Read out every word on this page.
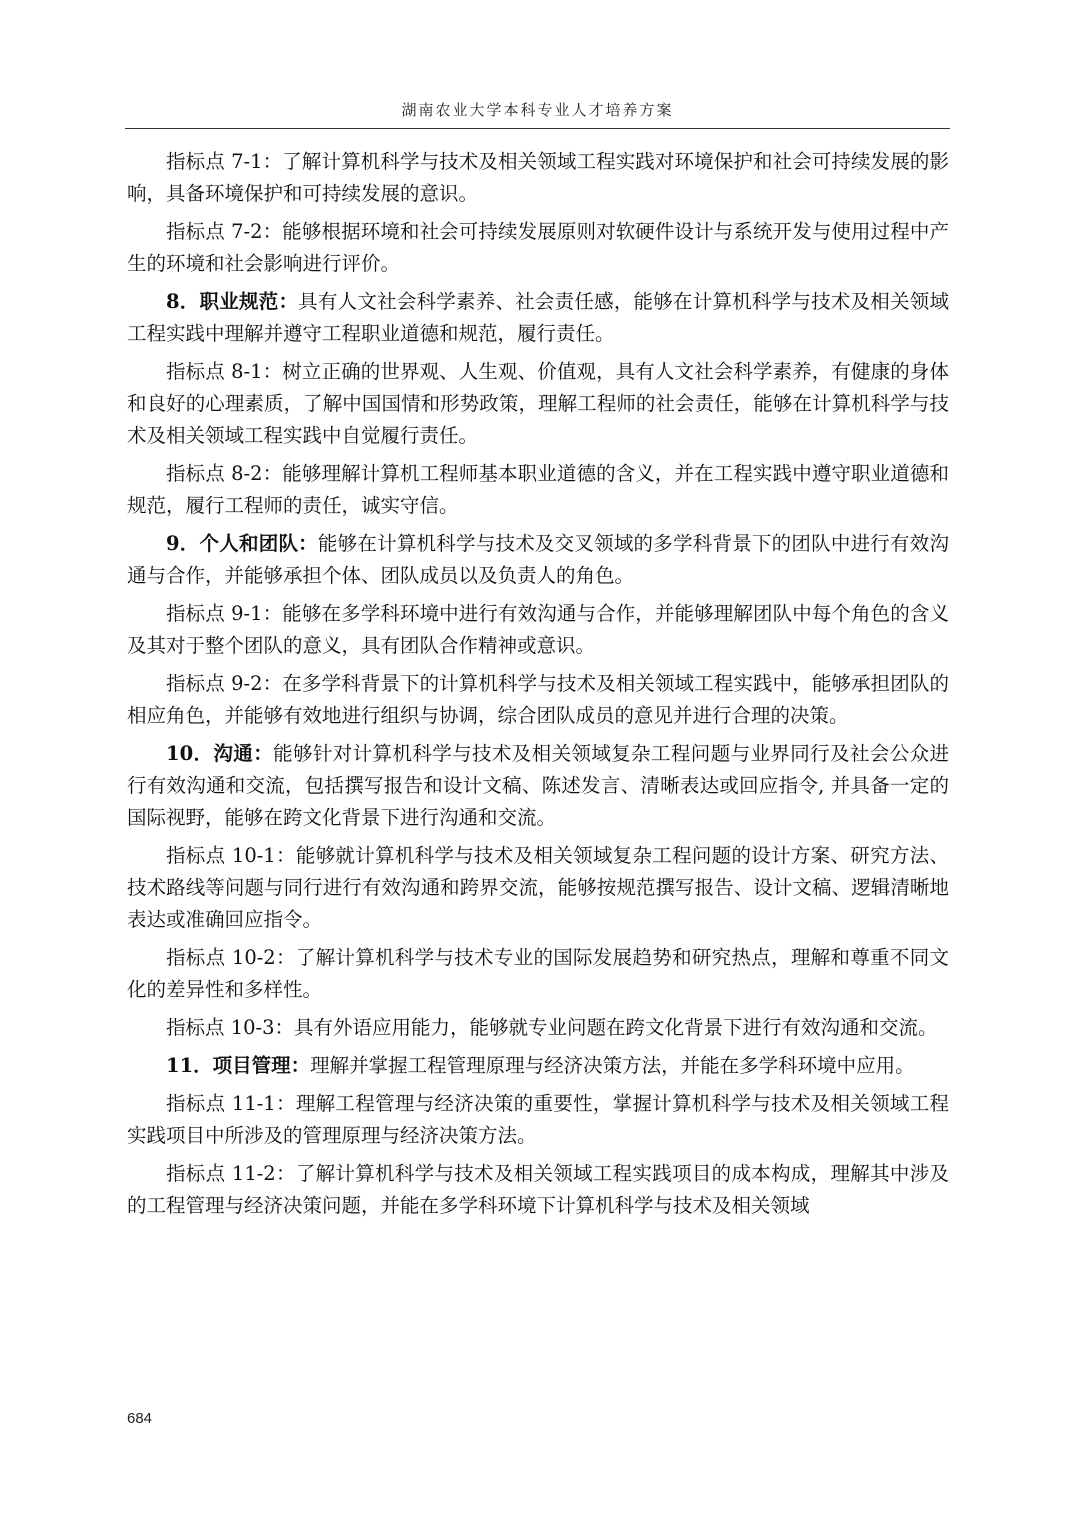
湖南农业大学本科专业人才培养方案

指标点 7-1：了解计算机科学与技术及相关领域工程实践对环境保护和社会可持续发展的影响，具备环境保护和可持续发展的意识。

指标点 7-2：能够根据环境和社会可持续发展原则对软硬件设计与系统开发与使用过程中产生的环境和社会影响进行评价。

8．职业规范：具有人文社会科学素养、社会责任感，能够在计算机科学与技术及相关领域工程实践中理解并遵守工程职业道德和规范，履行责任。

指标点 8-1：树立正确的世界观、人生观、价值观，具有人文社会科学素养，有健康的身体和良好的心理素质，了解中国国情和形势政策，理解工程师的社会责任，能够在计算机科学与技术及相关领域工程实践中自觉履行责任。

指标点 8-2：能够理解计算机工程师基本职业道德的含义，并在工程实践中遵守职业道德和规范，履行工程师的责任，诚实守信。

9．个人和团队：能够在计算机科学与技术及交叉领域的多学科背景下的团队中进行有效沟通与合作，并能够承担个体、团队成员以及负责人的角色。

指标点 9-1：能够在多学科环境中进行有效沟通与合作，并能够理解团队中每个角色的含义及其对于整个团队的意义，具有团队合作精神或意识。

指标点 9-2：在多学科背景下的计算机科学与技术及相关领域工程实践中，能够承担团队的相应角色，并能够有效地进行组织与协调，综合团队成员的意见并进行合理的决策。

10．沟通：能够针对计算机科学与技术及相关领域复杂工程问题与业界同行及社会公众进行有效沟通和交流，包括撰写报告和设计文稿、陈述发言、清晰表达或回应指令, 并具备一定的国际视野，能够在跨文化背景下进行沟通和交流。

指标点 10-1：能够就计算机科学与技术及相关领域复杂工程问题的设计方案、研究方法、技术路线等问题与同行进行有效沟通和跨界交流，能够按规范撰写报告、设计文稿、逻辑清晰地表达或准确回应指令。

指标点 10-2：了解计算机科学与技术专业的国际发展趋势和研究热点，理解和尊重不同文化的差异性和多样性。

指标点 10-3：具有外语应用能力，能够就专业问题在跨文化背景下进行有效沟通和交流。

11．项目管理：理解并掌握工程管理原理与经济决策方法，并能在多学科环境中应用。

指标点 11-1：理解工程管理与经济决策的重要性，掌握计算机科学与技术及相关领域工程实践项目中所涉及的管理原理与经济决策方法。

指标点 11-2：了解计算机科学与技术及相关领域工程实践项目的成本构成，理解其中涉及的工程管理与经济决策问题，并能在多学科环境下计算机科学与技术及相关领域

684
